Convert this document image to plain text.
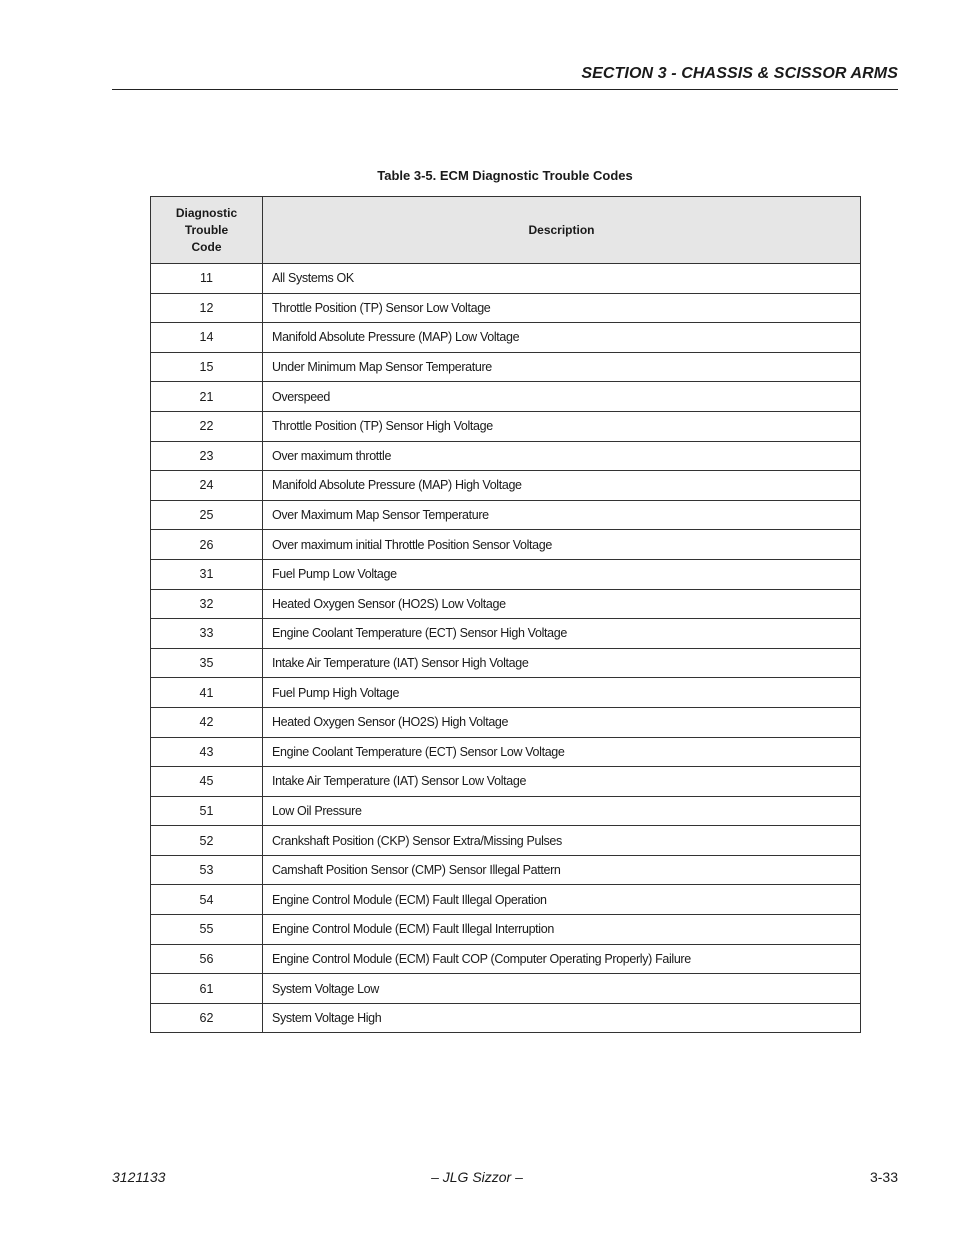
SECTION 3 - CHASSIS & SCISSOR ARMS
Table 3-5. ECM Diagnostic Trouble Codes
Diagnostic
Trouble
Code	Description
11	All Systems OK
12	Throttle Position (TP) Sensor Low Voltage
14	Manifold Absolute Pressure (MAP) Low Voltage
15	Under Minimum Map Sensor Temperature
21	Overspeed
22	Throttle Position (TP) Sensor High Voltage
23	Over maximum throttle
24	Manifold Absolute Pressure (MAP) High Voltage
25	Over Maximum Map Sensor Temperature
26	Over maximum initial Throttle Position Sensor Voltage
31	Fuel Pump Low Voltage
32	Heated Oxygen Sensor (HO2S) Low Voltage
33	Engine Coolant Temperature (ECT) Sensor High Voltage
35	Intake Air Temperature (IAT) Sensor High Voltage
41	Fuel Pump High Voltage
42	Heated Oxygen Sensor (HO2S) High Voltage
43	Engine Coolant Temperature (ECT) Sensor Low Voltage
45	Intake Air Temperature (IAT) Sensor Low Voltage
51	Low Oil Pressure
52	Crankshaft Position (CKP) Sensor Extra/Missing Pulses
53	Camshaft Position Sensor (CMP) Sensor Illegal Pattern
54	Engine Control Module (ECM) Fault Illegal Operation
55	Engine Control Module (ECM) Fault Illegal Interruption
56	Engine Control Module (ECM) Fault COP (Computer Operating Properly) Failure
61	System Voltage Low
62	System Voltage High
3121133	– JLG Sizzor –	3-33
